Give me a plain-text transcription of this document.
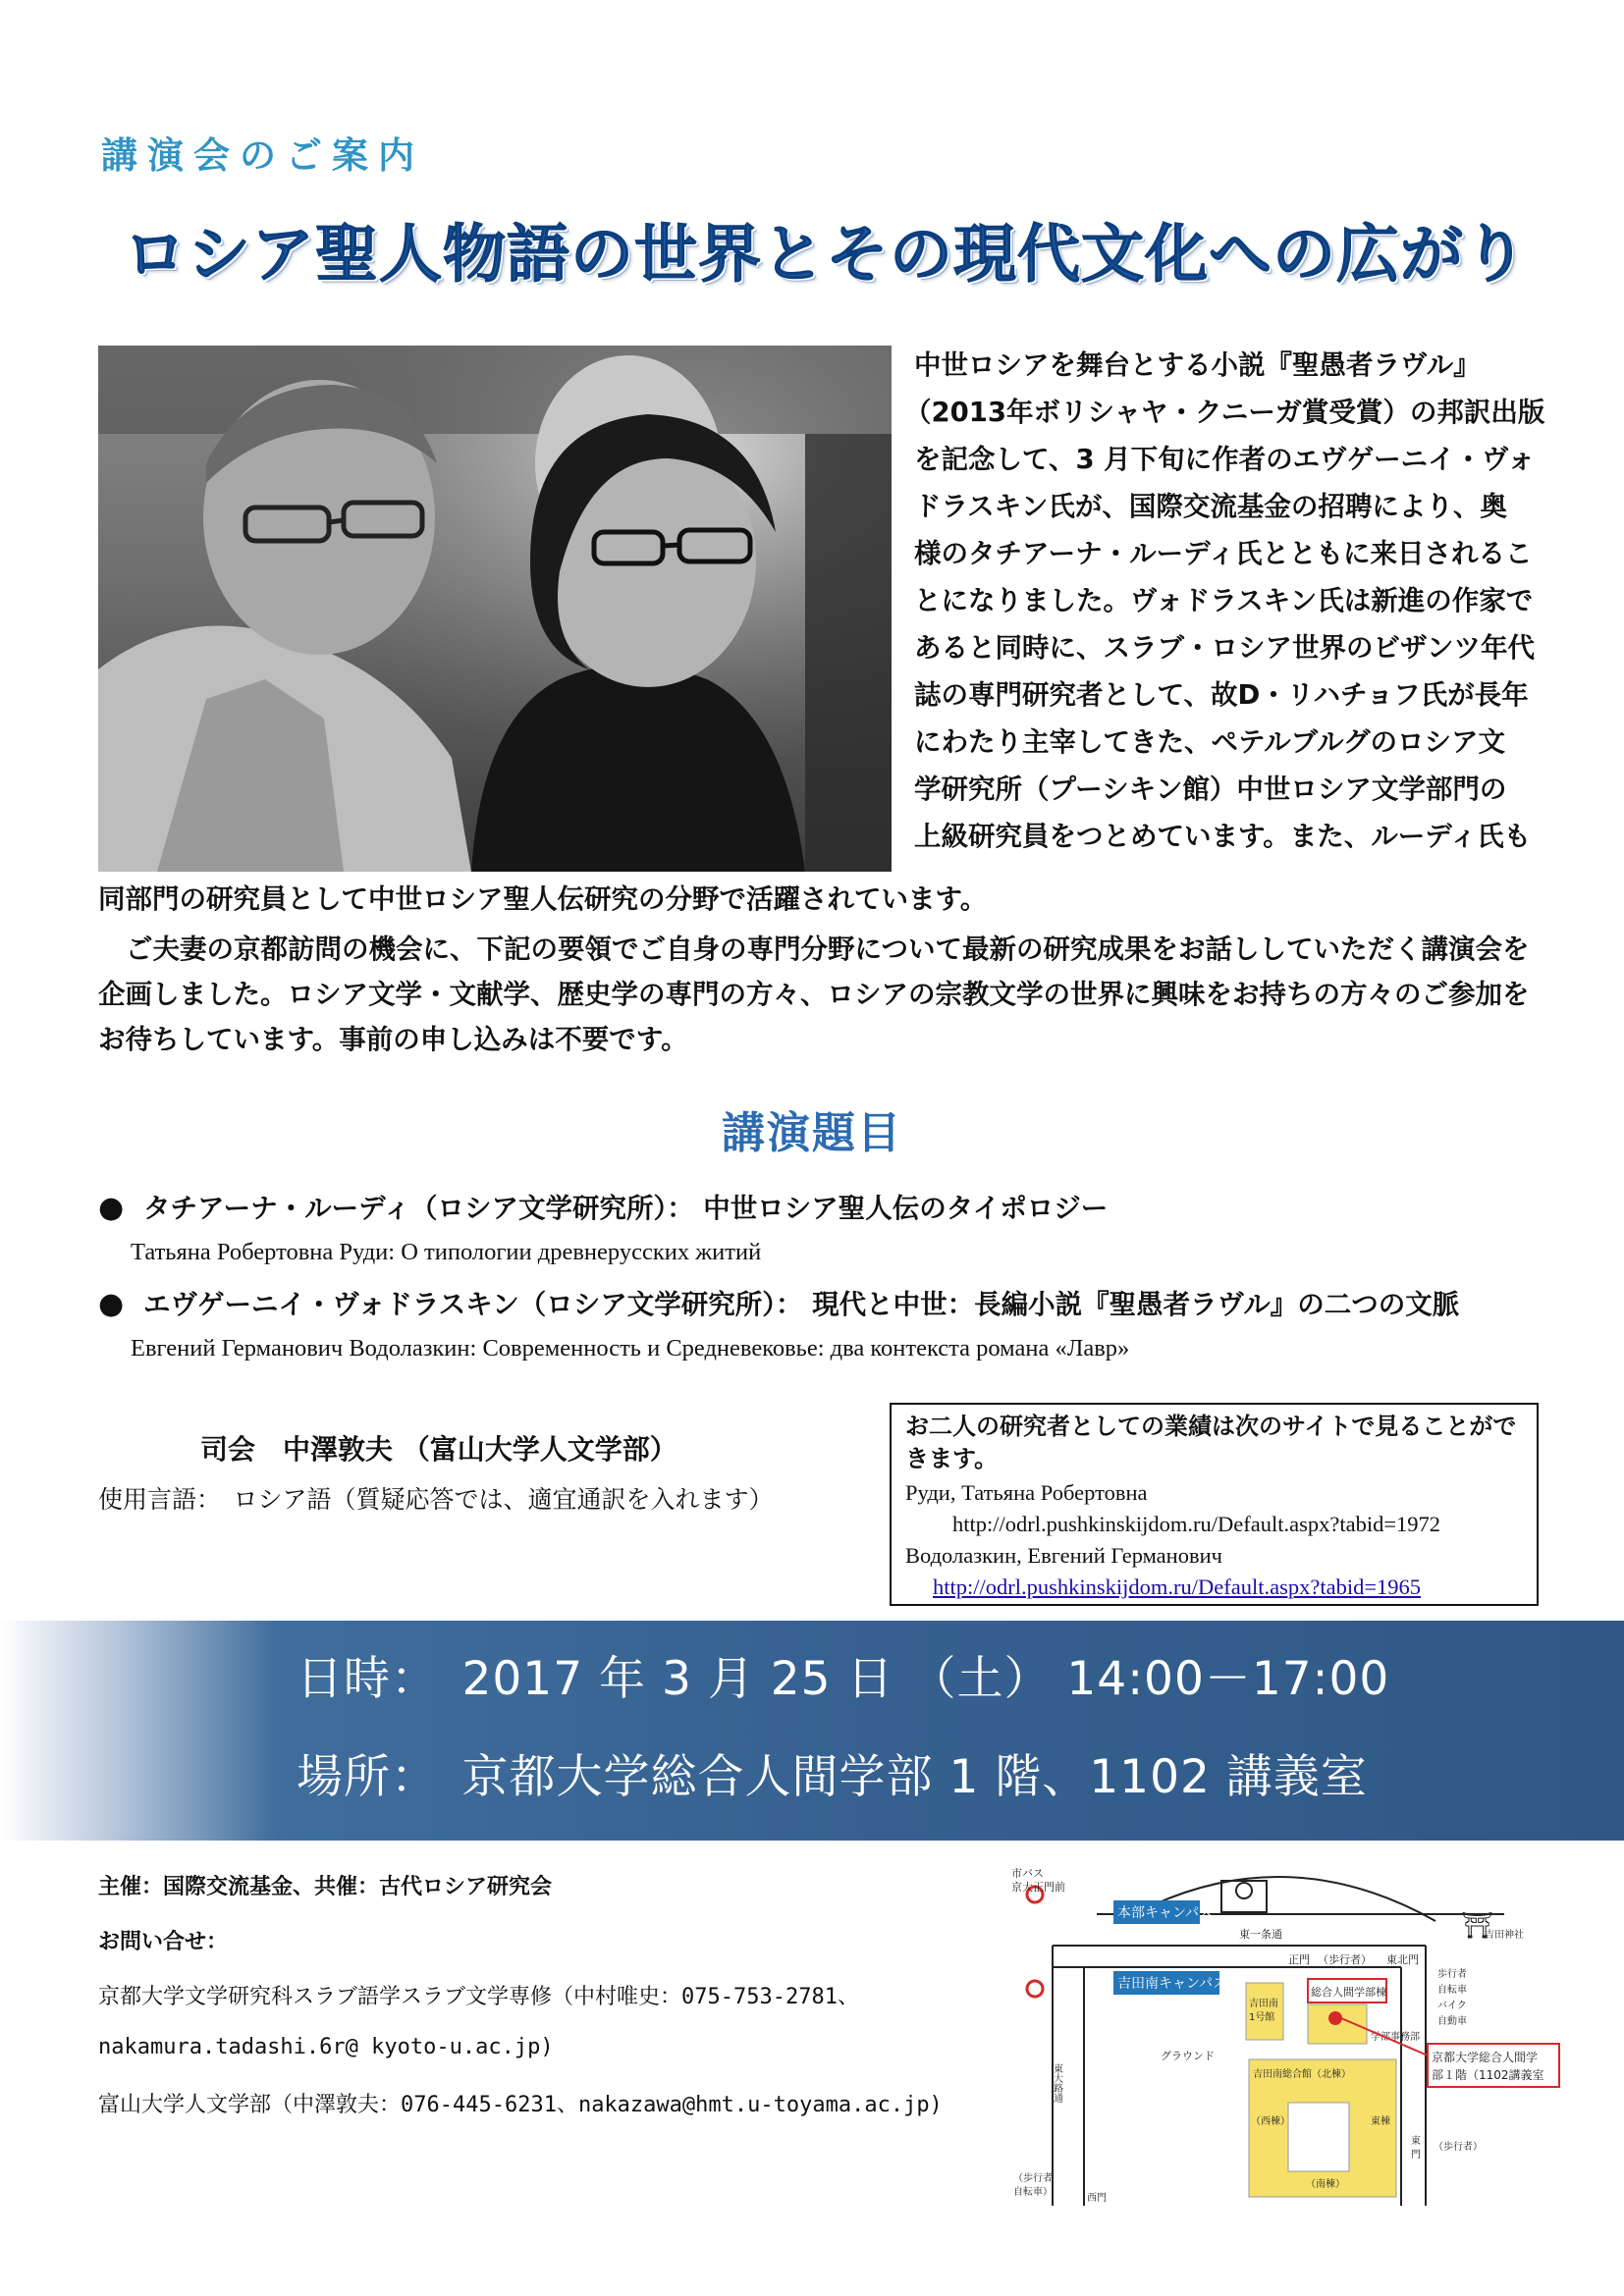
講演会のご案内
ロシア聖人物語の世界とその現代文化への広がり
中世ロシアを舞台とする小説『聖愚者ラヴル』
（2013年ボリシャヤ・クニーガ賞受賞）の邦訳出版
を記念して、3 月下旬に作者のエヴゲーニイ・ヴォ
ドラスキン氏が、国際交流基金の招聘により、奥
様のタチアーナ・ルーディ氏とともに来日されるこ
とになりました。ヴォドラスキン氏は新進の作家で
あると同時に、スラブ・ロシア世界のビザンツ年代
誌の専門研究者として、故D・リハチョフ氏が長年
にわたり主宰してきた、ペテルブルグのロシア文
学研究所（プーシキン館）中世ロシア文学部門の
上級研究員をつとめています。また、ルーディ氏も
同部門の研究員として中世ロシア聖人伝研究の分野で活躍されています。

ご夫妻の京都訪問の機会に、下記の要領でご自身の専門分野について最新の研究成果をお話ししていただく講演会を企画しました。ロシア文学・文献学、歴史学の専門の方々、ロシアの宗教文学の世界に興味をお持ちの方々のご参加をお待ちしています。事前の申し込みは不要です。

講演題目
● タチアーナ・ルーディ（ロシア文学研究所）： 中世ロシア聖人伝のタイポロジー
Татьяна Робертовна Руди: О типологии древнерусских житий
● エヴゲーニイ・ヴォドラスキン（ロシア文学研究所）： 現代と中世：長編小説『聖愚者ラヴル』の二つの文脈
Евгений Германович Водолазкин: Современность и Средневековье: два контекста романа «Лавр»
司会　中澤敦夫 （富山大学人文学部）
使用言語：　ロシア語（質疑応答では、適宜通訳を入れます）

お二人の研究者としての業績は次のサイトで見ることができます。

Руди, Татьяна Робертовна
http://odrl.pushkinskijdom.ru/Default.aspx?tabid=1972
Водолазкин, Евгений Германович
http://odrl.pushkinskijdom.ru/Default.aspx?tabid=1965
日時：　2017 年 3 月 25 日 （土） 14:00－17:00
場所：　京都大学総合人間学部 1 階、1102 講義室
主催：国際交流基金、共催：古代ロシア研究会
お問い合せ：
京都大学文学研究科スラブ語学スラブ文学専修（中村唯史：075-753-2781、
nakamura.tadashi.6r@ kyoto-u.ac.jp)
富山大学人文学部（中澤敦夫：076-445-6231、nakazawa@hmt.u-toyama.ac.jp)
本部キャンパス
吉田南キャンパス
市バス
京大正門前
東一条通
正門 （歩行者） 東北門
吉田神社
⛩
歩行者
自転車
バイク
自動車
グラウンド
東大路通
吉田南
1号館
総合人間学部棟
学部事務部
吉田南総合館（北棟）
（西棟）	東棟
（南棟）
西門
（歩行者
自転車）
東
門
（歩行者）
京都大学総合人間学
部１階（1102講義室
